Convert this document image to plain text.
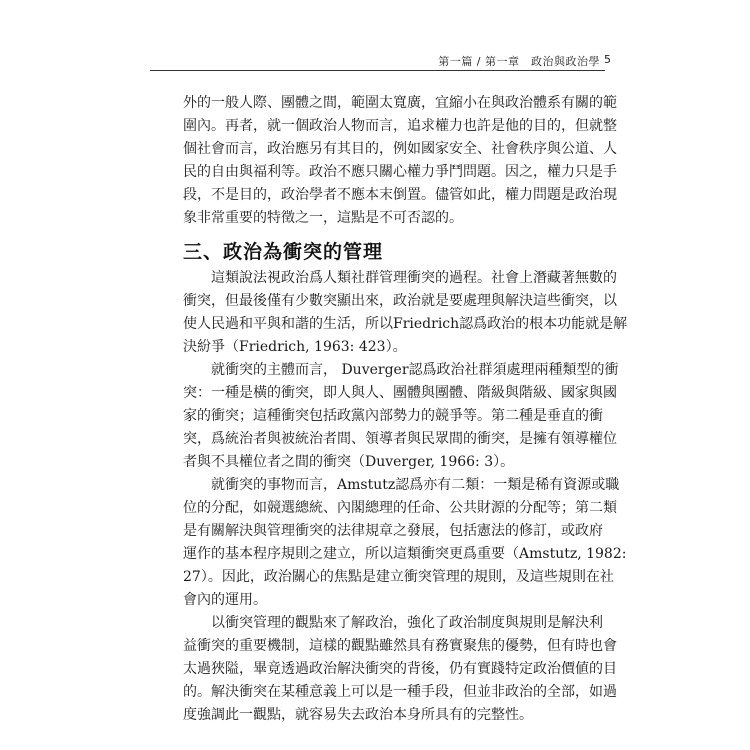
第一篇 / 第一章　政治與政治學 5
外的一般人際、團體之間，範圍太寬廣，宜縮小在與政治體系有關的範
圍內。再者，就一個政治人物而言，追求權力也許是他的目的，但就整
個社會而言，政治應另有其目的，例如國家安全、社會秩序與公道、人
民的自由與福利等。政治不應只關心權力爭鬥問題。因之，權力只是手
段，不是目的，政治學者不應本末倒置。儘管如此，權力問題是政治現
象非常重要的特徵之一，這點是不可否認的。
三、政治為衝突的管理
這類說法視政治爲人類社群管理衝突的過程。社會上潛藏著無數的
衝突，但最後僅有少數突顯出來，政治就是要處理與解決這些衝突，以
使人民過和平與和諧的生活，所以Friedrich認爲政治的根本功能就是解
決紛爭（Friedrich, 1963: 423）。
就衝突的主體而言， Duverger認爲政治社群須處理兩種類型的衝
突：一種是橫的衝突，即人與人、團體與團體、階級與階級、國家與國
家的衝突；這種衝突包括政黨內部勢力的競爭等。第二種是垂直的衝
突，爲統治者與被統治者間、領導者與民眾間的衝突，是擁有領導權位
者與不具權位者之間的衝突（Duverger, 1966: 3）。
就衝突的事物而言，Amstutz認爲亦有二類：一類是稀有資源或職
位的分配，如競選總統、內閣總理的任命、公共財源的分配等；第二類
是有關解決與管理衝突的法律規章之發展，包括憲法的修訂，或政府
運作的基本程序規則之建立，所以這類衝突更爲重要（Amstutz, 1982:
27）。因此，政治關心的焦點是建立衝突管理的規則，及這些規則在社
會內的運用。
以衝突管理的觀點來了解政治，強化了政治制度與規則是解決利
益衝突的重要機制，這樣的觀點雖然具有務實聚焦的優勢，但有時也會
太過狹隘，畢竟透過政治解決衝突的背後，仍有實踐特定政治價値的目
的。解決衝突在某種意義上可以是一種手段，但並非政治的全部，如過
度強調此一觀點，就容易失去政治本身所具有的完整性。
